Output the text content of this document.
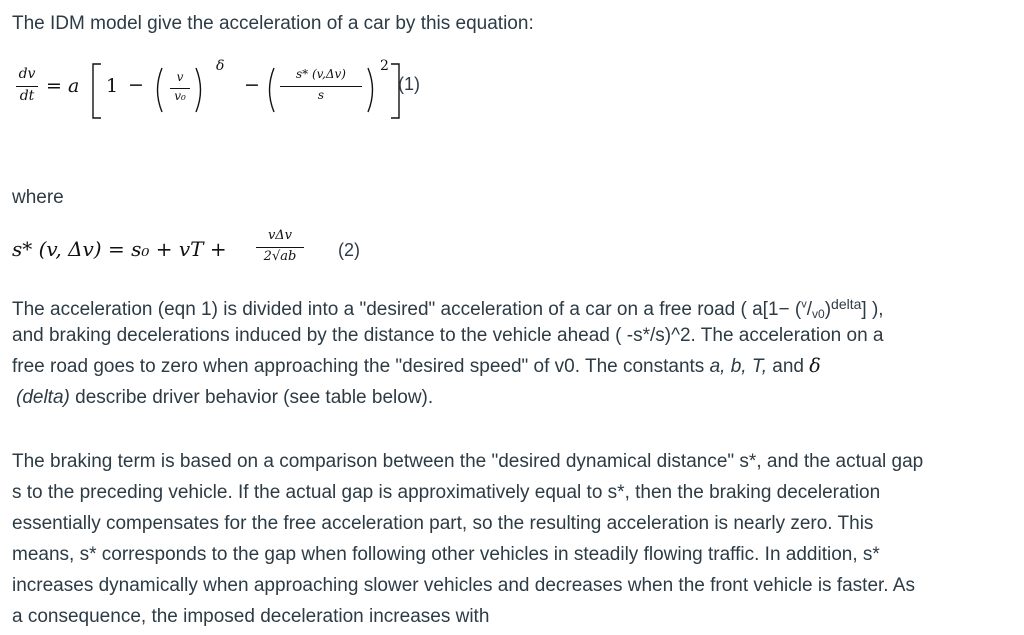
The IDM model give the acceleration of a car by this equation:

dv
dt = a 1 −	v
v₀
δ
−	s* (v,Δv)
s
2
(1)

where

s* (v, Δv) = s₀ + vT +
vΔv
2√ab	(2)

The acceleration (eqn 1) is divided into a "desired" acceleration of a car on a free road ( $a[1- (^v/v0)^{delta}]$ ),

and braking decelerations induced by the distance to the vehicle ahead ( -s*/s)^2. The acceleration on a

free road goes to zero when approaching the "desired speed" of v0. The constants a, b, T, and δ

(delta) describe driver behavior (see table below).

The braking term is based on a comparison between the "desired dynamical distance" s*, and the actual gap

s to the preceding vehicle. If the actual gap is approximatively equal to s*, then the braking deceleration

essentially compensates for the free acceleration part, so the resulting acceleration is nearly zero. This

means, s* corresponds to the gap when following other vehicles in steadily flowing traffic. In addition, s*

increases dynamically when approaching slower vehicles and decreases when the front vehicle is faster. As

a consequence, the imposed deceleration increases with
